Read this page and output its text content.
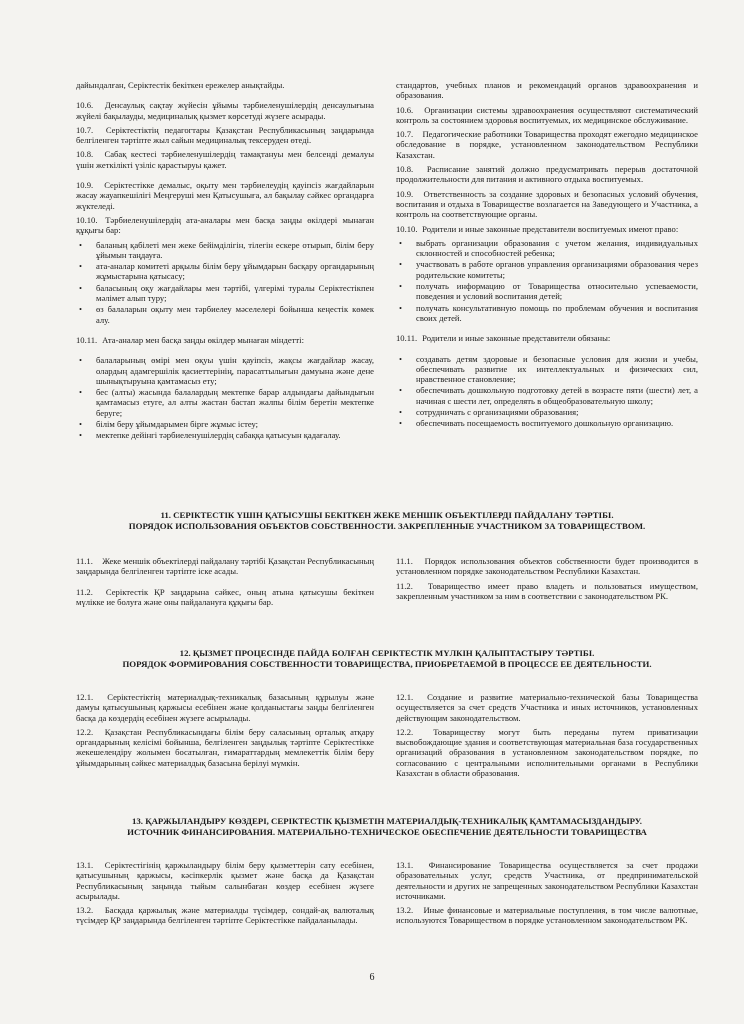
дайындалған, Серіктестік бекіткен ережелер анықтайды.

10.6. Денсаулық сақтау жүйесін ұйымы тәрбиеленушілердің денсаулығына жүйелі бақылауды, медициналық қызмет көрсетуді жүзеге асырады.

10.7. Серіктестіктің педагогтары Қазақстан Республикасының заңдарында белгіленген тәртіпте жыл сайын медициналық тексеруден өтеді.

10.8. Сабақ кестесі тәрбиеленушілердің тамақтануы мен белсенді демалуы үшін жеткілікті үзіліс қарастыруы қажет.

10.9. Серіктестікке демалыс, оқыту мен тәрбиелеудің қауіпсіз жағдайларын жасау жауапкешілігі Меңгеруші мен Қатысушыға, ал бақылау сәйкес органдарға жүктеледі.

10.10. Тәрбиеленушілердің ата-аналары мен басқа заңды өкілдері мынаған құқығы бар:

• баланың қабілеті мен жеке бейімділігін, тілегін ескере отырып, білім беру ұйымын таңдауға.
• ата-аналар комитеті арқылы білім беру ұйымдарын басқару органдарының жұмыстарына қатысасу;
• баласының оқу жағдайлары мен тәртібі, үлгерімі туралы Серіктестікпен мәлімет алып туру;
• өз балаларын оқыту мен тәрбиелеу мәселелері бойынша кеңестік көмек алу.

10.11. Ата-аналар мен басқа заңды өкілдер мынаған міндетті:

• балаларының өмірі мен оқуы үшін қауіпсіз, жақсы жағдайлар жасау, олардың адамгершілік қасиеттерінің, парасаттылығын дамуына және дене шынықтыруына қамтамасыз ету;
• бес (алты) жасында балалардың мектепке барар алдындағы дайындығын қамтамасыз етуге, ал алты жастан бастап жалпы білім беретін мектепке беруге;
• білім беру ұйымдарымен бірге жұмыс істеу;
• мектепке дейінгі тәрбиеленушілердің сабаққа қатысуын қадағалау.

стандартов, учебных планов и рекомендаций органов здравоохранения и образования.

10.6. Организации системы здравоохранения осуществляют систематический контроль за состоянием здоровья воспитуемых, их медицинское обслуживание.

10.7. Педагогические работники Товарищества проходят ежегодно медицинское обследование в порядке, установленном законодательством Республики Казахстан.

10.8. Расписание занятий должно предусматривать перерыв достаточной продолжительности для питания и активного отдыха воспитуемых.

10.9. Ответственность за создание здоровых и безопасных условий обучения, воспитания и отдыха в Товариществе возлагается на Заведующего и Участника, а контроль на соответствующие органы.

10.10. Родители и иные законные представители воспитуемых имеют право:

• выбрать организации образования с учетом желания, индивидуальных склонностей и способностей ребенка;
• участвовать в работе органов управления организациями образования через родительские комитеты;
• получать информацию от Товарищества относительно успеваемости, поведения и условий воспитания детей;
• получать консультативную помощь по проблемам обучения и воспитания своих детей.

10.11. Родители и иные законные представители обязаны:

• создавать детям здоровые и безопасные условия для жизни и учебы, обеспечивать развитие их интеллектуальных и физических сил, нравственное становление;
• обеспечивать дошкольную подготовку детей в возрасте пяти (шести) лет, а начиная с шести лет, определять в общеобразовательную школу;
• сотрудничать с организациями образования;
• обеспечивать посещаемость воспитуемого дошкольную организацию.
11. СЕРІКТЕСТІК ҮШІН ҚАТЫСУШЫ БЕКІТКЕН ЖЕКЕ МЕНШІК ОБЪЕКТІЛЕРДІ ПАЙДАЛАНУ ТӘРТІБІ.
ПОРЯДОК ИСПОЛЬЗОВАНИЯ ОБЪЕКТОВ СОБСТВЕННОСТИ. ЗАКРЕПЛЕННЫЕ УЧАСТНИКОМ ЗА ТОВАРИЩЕСТВОМ.

11.1. Жеке меншік объектілерді пайдалану тәртібі Қазақстан Республикасының заңдарында белгіленген тәртіпте іске асады.

11.2. Серіктестік ҚР заңдарына сәйкес, оның атына қатысушы бекіткен мүлікке ие болуға және оны пайдалануға құқығы бар.

11.1. Порядок использования объектов собственности будет производится в установленном порядке законодательством Республики Казахстан.

11.2. Товариществo имеет право владеть и пользоваться имуществом, закрепленным участником за ним в соответствии с законодательством РК.

12. ҚЫЗМЕТ ПРОЦЕСІНДЕ ПАЙДА БОЛҒАН СЕРІКТЕСТІК МҮЛКІН ҚАЛЫПТАСТЫРУ ТӘРТІБІ.
ПОРЯДОК ФОРМИРОВАНИЯ СОБСТВЕННОСТИ ТОВАРИЩЕСТВА, ПРИОБРЕТАЕМОЙ В ПРОЦЕССЕ ЕЕ ДЕЯТЕЛЬНОСТИ.

12.1. Серіктестіктің материалдық-техникалық базасының құрылуы және дамуы қатысушының қаржысы есебінен және қолданыстағы заңды белгіленген басқа да көздердің есебінен жүзеге асырылады.

12.2. Қазақстан Республикасындағы білім беру саласының орталық атқару органдарының келісімі бойынша, белгіленген заңдылық тәртіпте Серіктестікке жекешелендіру жолымен босатылған, ғимараттардың мемлекеттік білім беру ұйымдарының сәйкес материалдық базасына берілуі мүмкін.

12.1. Создание и развитие материально-технической базы Товарищества осуществляется за счет средств Участника и иных источников, установленных действующим законодательством.

12.2. Товариществу могут быть переданы путем приватизации высвобождающие здания и соответствующая материальная база государственных организаций образования в установленном законодательством порядке, по согласованию с центральными исполнительными органами в Республики Казахстан в области образования.

13. ҚАРЖЫЛАНДЫРУ КӨЗДЕРІ, СЕРІКТЕСТІК ҚЫЗМЕТІН МАТЕРИАЛДЫҚ-ТЕХНИКАЛЫҚ ҚАМТАМАСЫЗДАНДЫРУ.
ИСТОЧНИК ФИНАНСИРОВАНИЯ. МАТЕРИАЛЬНО-ТЕХНИЧЕСКОЕ ОБЕСПЕЧЕНИЕ ДЕЯТЕЛЬНОСТИ ТОВАРИЩЕСТВА

13.1. Серіктестігінің қаржыландыру білім беру қызметтерін сату есебінен, қатысушының қаржысы, кәсіпкерлік қызмет және басқа да Қазақстан Республикасының заңында тыйым салынбаған көздер есебінен жүзеге асырылады.

13.2. Басқада қаржылық және материалды түсімдер, сондай-ақ валюталық түсімдер ҚР заңдарында белгіленген тәртіпте Серіктестікке пайдаланылады.

13.1. Финансирование Товарищества осуществляется за счет продажи образовательных услуг, средств Участника, от предпринимательской деятельности и других не запрещенных законодательством Республики Казахстан источниками.

13.2. Иные финансовые и материальные поступления, в том числе валютные, используются Товариществом в порядке установленном законодательством РК.

6
